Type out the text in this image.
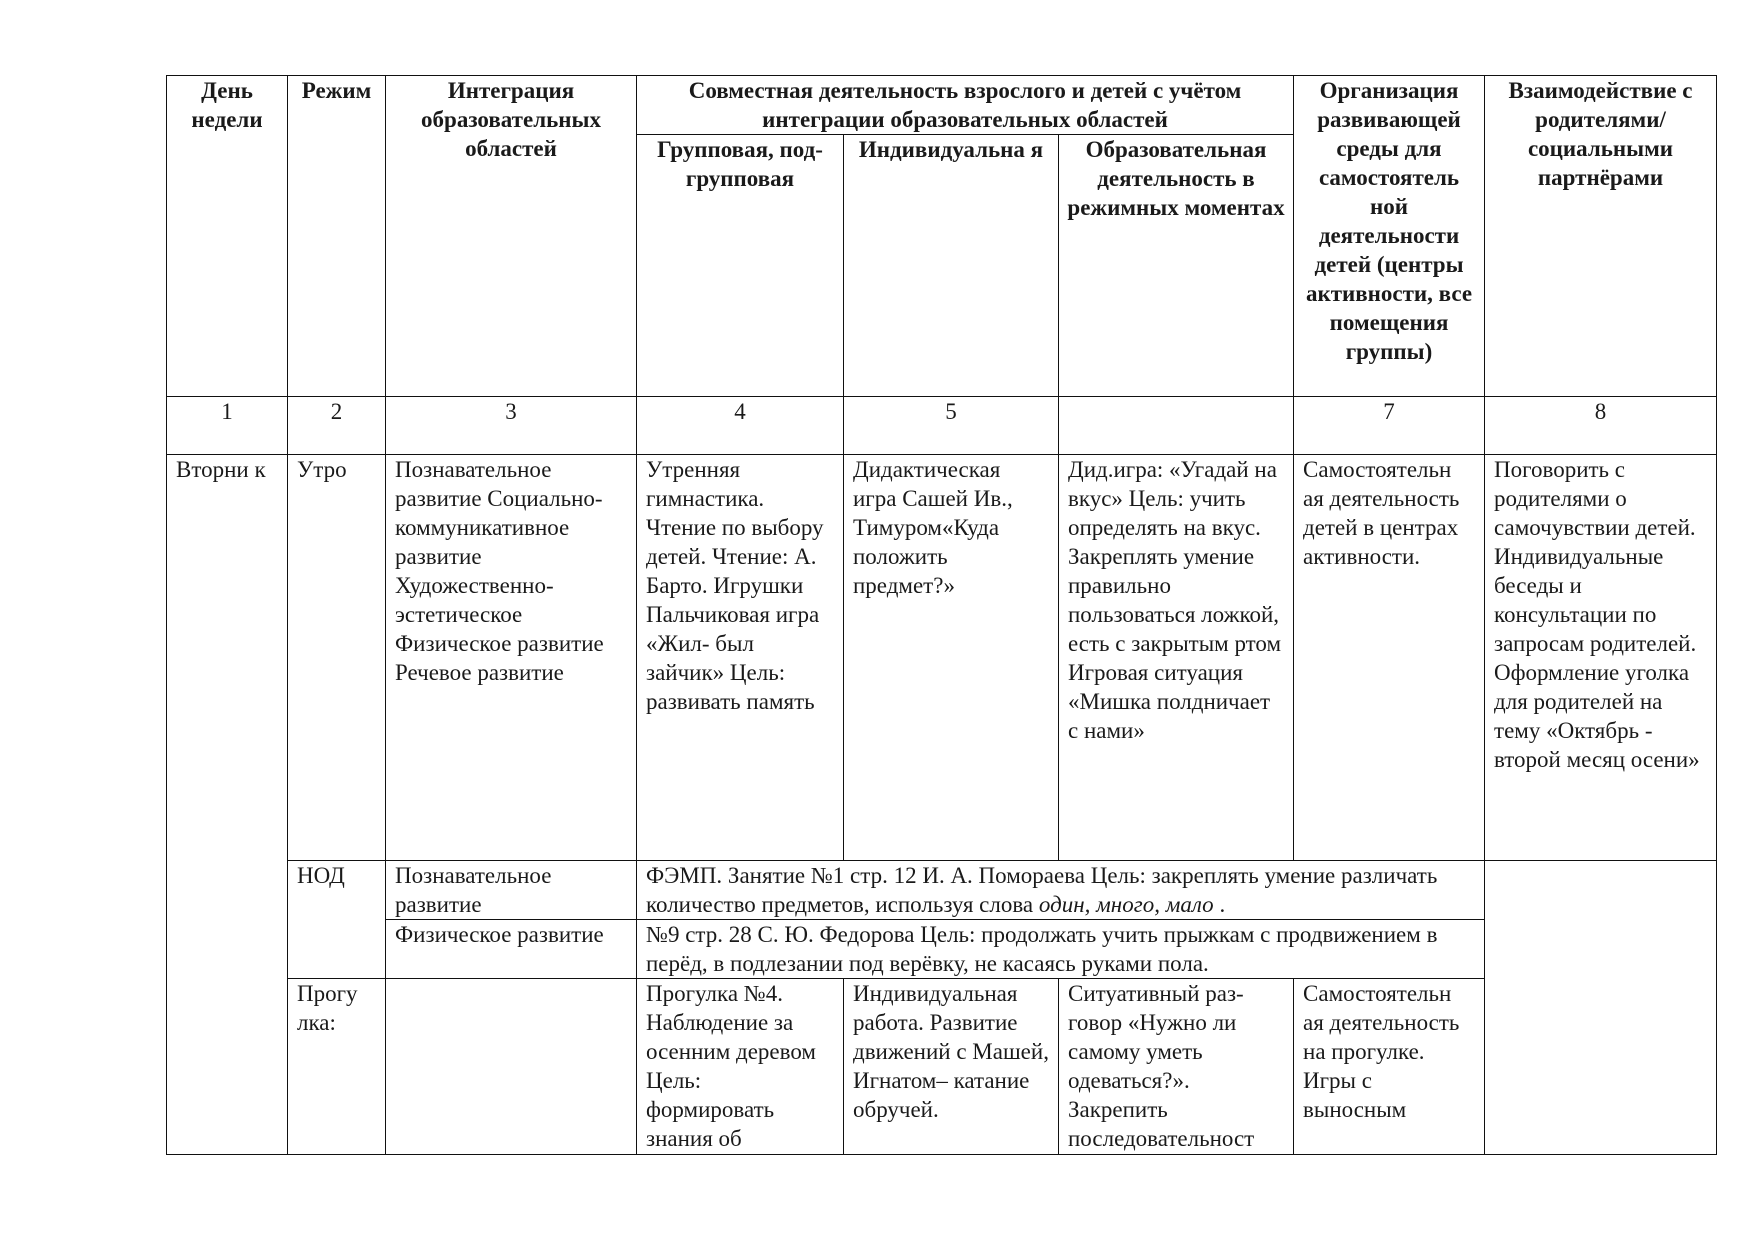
День недели	Режим	Интеграция образовательных областей	Совместная деятельность взрослого и детей с учётом интеграции образовательных областей			Организация развивающей среды для самостоятель ной деятельности детей (центры активности, все помещения группы)	Взаимодействие с родителями/ социальными партнёрами
			Групповая, под- групповая	Индивидуальна я	Образовательная деятельность в режимных моментах		
1	2	3	4	5		7	8
Вторни к	Утро	Познавательное развитие Социально-коммуникативное развитие Художественно-эстетическое Физическое развитие Речевое развитие	Утренняя гимнастика. Чтение по выбору детей. Чтение: А. Барто. Игрушки Пальчиковая игра «Жил- был зайчик» Цель: развивать память	Дидактическая игра Сашей Ив., Тимуром«Куда положить предмет?»	Дид.игра: «Угадай на вкус» Цель: учить определять на вкус. Закреплять умение правильно пользоваться ложкой, есть с закрытым ртом Игровая ситуация «Мишка полдничает с нами»	Самостоятельн ая деятельность детей в центрах активности.	Поговорить с родителями о самочувствии детей. Индивидуальные беседы и консультации по запросам родителей. Оформление уголка для родителей на тему «Октябрь - второй месяц осени»
	НОД	Познавательное развитие	ФЭМП. Занятие №1 стр. 12 И. А. Помораева Цель: закреплять умение различать количество предметов, используя слова один, много, мало .				
		Физическое развитие	№9 стр. 28 С. Ю. Федорова Цель: продолжать учить прыжкам с продвижением в перёд, в подлезании под верёвку, не касаясь руками пола.				

	Прогу лка:		Прогулка №4. Наблюдение за осенним деревом Цель: формировать знания об	Индивидуальная работа. Развитие движений с Машей, Игнатом– катание обручей.	Ситуативный раз- говор «Нужно ли самому уметь одеваться?». Закрепить последовательност	Самостоятельн ая деятельность на прогулке. Игры с выносным	
